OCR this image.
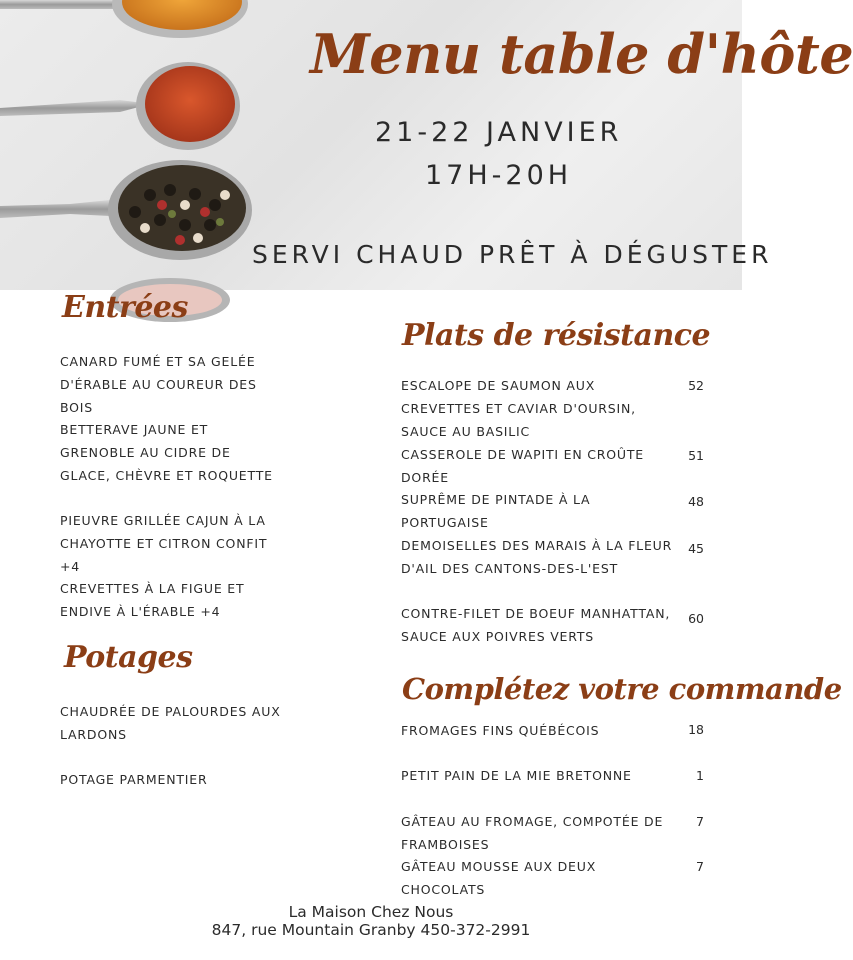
Menu table d'hôte
21-22 JANVIER
17H-20H
SERVI CHAUD PRÊT À DÉGUSTER
Entrées
CANARD FUMÉ ET SA GELÉE D'ÉRABLE AU COUREUR DES BOIS
BETTERAVE JAUNE ET GRENOBLE AU CIDRE DE GLACE, CHÈVRE ET ROQUETTE
PIEUVRE GRILLÉE CAJUN À LA CHAYOTTE ET CITRON CONFIT +4
CREVETTES À LA FIGUE ET ENDIVE À L'ÉRABLE +4
Potages
CHAUDRÉE DE PALOURDES AUX LARDONS
POTAGE PARMENTIER
Plats de résistance
ESCALOPE DE SAUMON AUX CREVETTES ET CAVIAR D'OURSIN, SAUCE AU BASILIC
52
CASSEROLE DE WAPITI EN CROÛTE DORÉE
51
SUPRÊME DE PINTADE À LA PORTUGAISE
48
DEMOISELLES DES MARAIS À LA FLEUR D'AIL DES CANTONS-DES-L'EST
45
CONTRE-FILET DE BOEUF MANHATTAN, SAUCE AUX POIVRES VERTS
60
Complétez votre commande
FROMAGES FINS QUÉBÉCOIS	18
PETIT PAIN DE LA MIE BRETONNE	1
GÂTEAU AU FROMAGE, COMPOTÉE DE FRAMBOISES
7
GÂTEAU MOUSSE AUX DEUX CHOCOLATS
7
La Maison Chez Nous
847, rue Mountain Granby 450-372-2991
